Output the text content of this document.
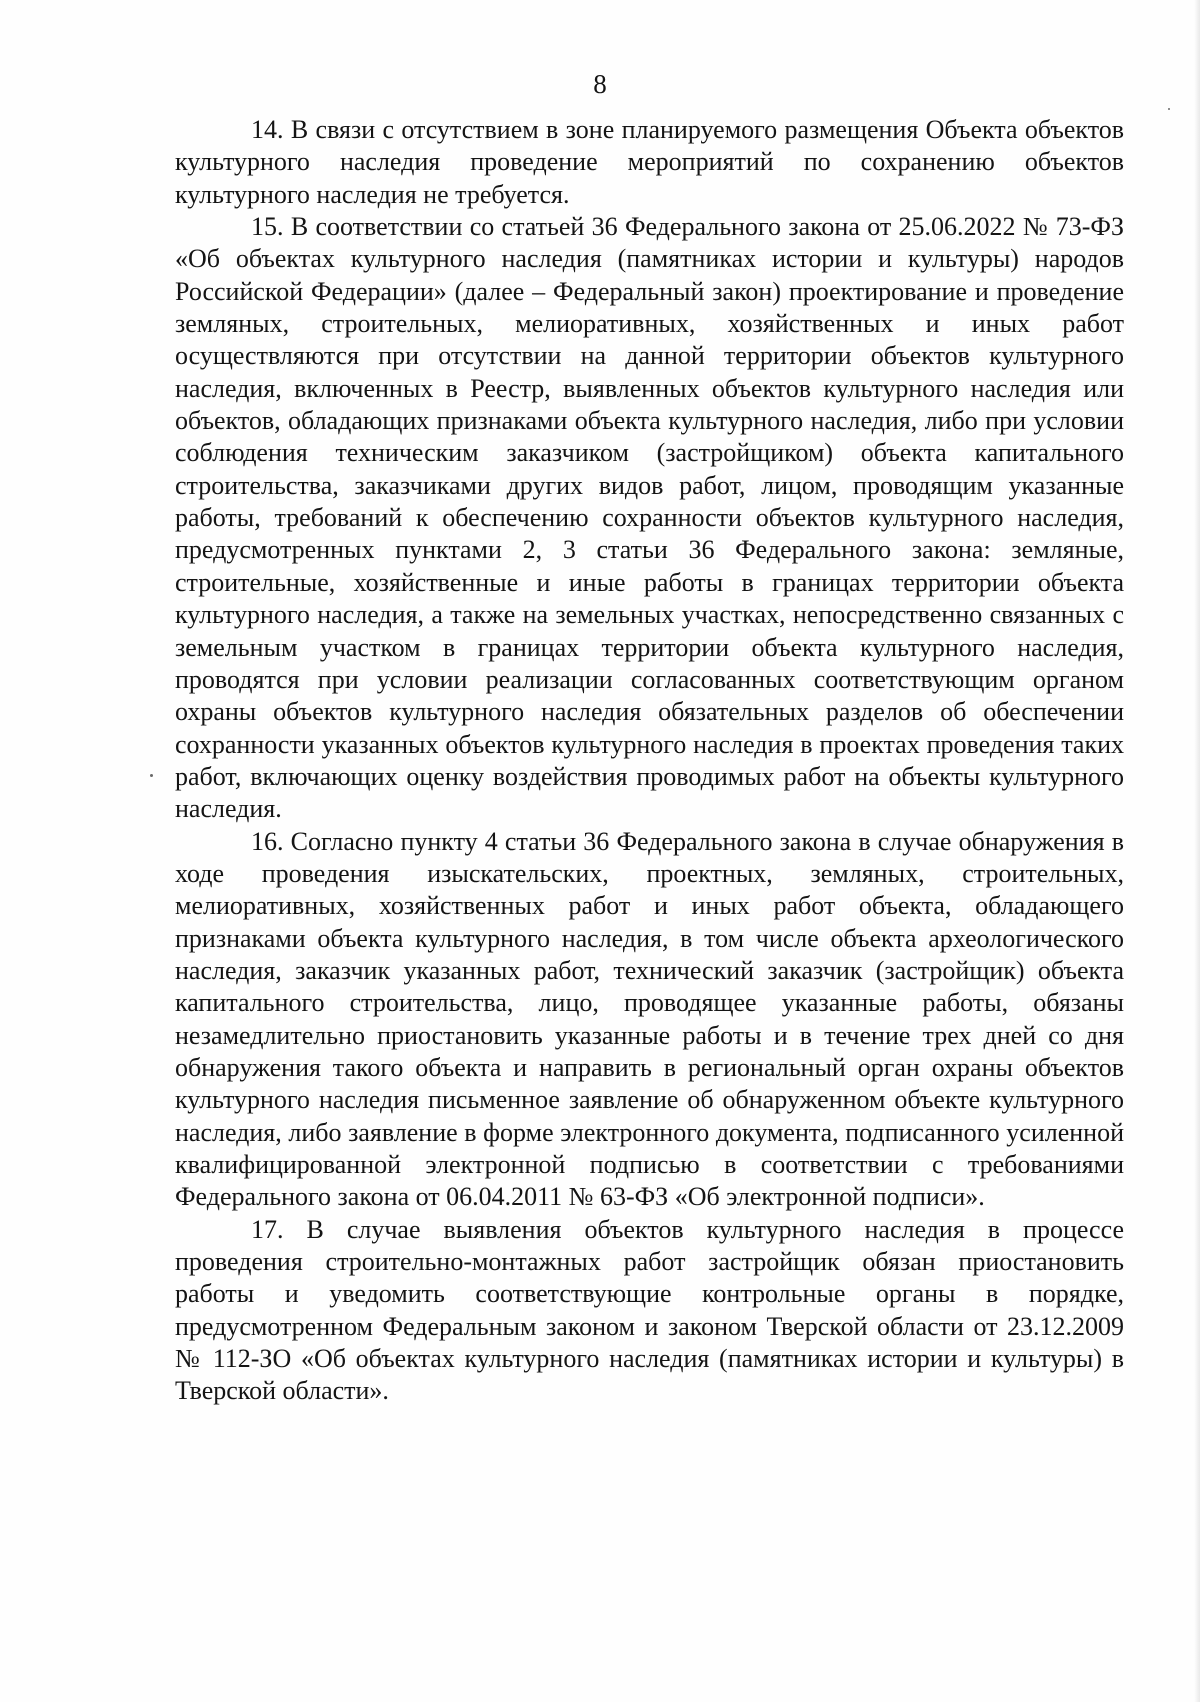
8

14. В связи с отсутствием в зоне планируемого размещения Объекта объектов культурного наследия проведение мероприятий по сохранению объектов культурного наследия не требуется.

15. В соответствии со статьей 36 Федерального закона от 25.06.2022 № 73-ФЗ «Об объектах культурного наследия (памятниках истории и культуры) народов Российской Федерации» (далее – Федеральный закон) проектирование и проведение земляных, строительных, мелиоративных, хозяйственных и иных работ осуществляются при отсутствии на данной территории объектов культурного наследия, включенных в Реестр, выявленных объектов культурного наследия или объектов, обладающих признаками объекта культурного наследия, либо при условии соблюдения техническим заказчиком (застройщиком) объекта капитального строительства, заказчиками других видов работ, лицом, проводящим указанные работы, требований к обеспечению сохранности объектов культурного наследия, предусмотренных пунктами 2, 3 статьи 36 Федерального закона: земляные, строительные, хозяйственные и иные работы в границах территории объекта культурного наследия, а также на земельных участках, непосредственно связанных с земельным участком в границах территории объекта культурного наследия, проводятся при условии реализации согласованных соответствующим органом охраны объектов культурного наследия обязательных разделов об обеспечении сохранности указанных объектов культурного наследия в проектах проведения таких работ, включающих оценку воздействия проводимых работ на объекты культурного наследия.

16. Согласно пункту 4 статьи 36 Федерального закона в случае обнаружения в ходе проведения изыскательских, проектных, земляных, строительных, мелиоративных, хозяйственных работ и иных работ объекта, обладающего признаками объекта культурного наследия, в том числе объекта археологического наследия, заказчик указанных работ, технический заказчик (застройщик) объекта капитального строительства, лицо, проводящее указанные работы, обязаны незамедлительно приостановить указанные работы и в течение трех дней со дня обнаружения такого объекта и направить в региональный орган охраны объектов культурного наследия письменное заявление об обнаруженном объекте культурного наследия, либо заявление в форме электронного документа, подписанного усиленной квалифицированной электронной подписью в соответствии с требованиями Федерального закона от 06.04.2011 № 63-ФЗ «Об электронной подписи».

17. В случае выявления объектов культурного наследия в процессе проведения строительно-монтажных работ застройщик обязан приостановить работы и уведомить соответствующие контрольные органы в порядке, предусмотренном Федеральным законом и законом Тверской области от 23.12.2009 № 112-ЗО «Об объектах культурного наследия (памятниках истории и культуры) в Тверской области».
